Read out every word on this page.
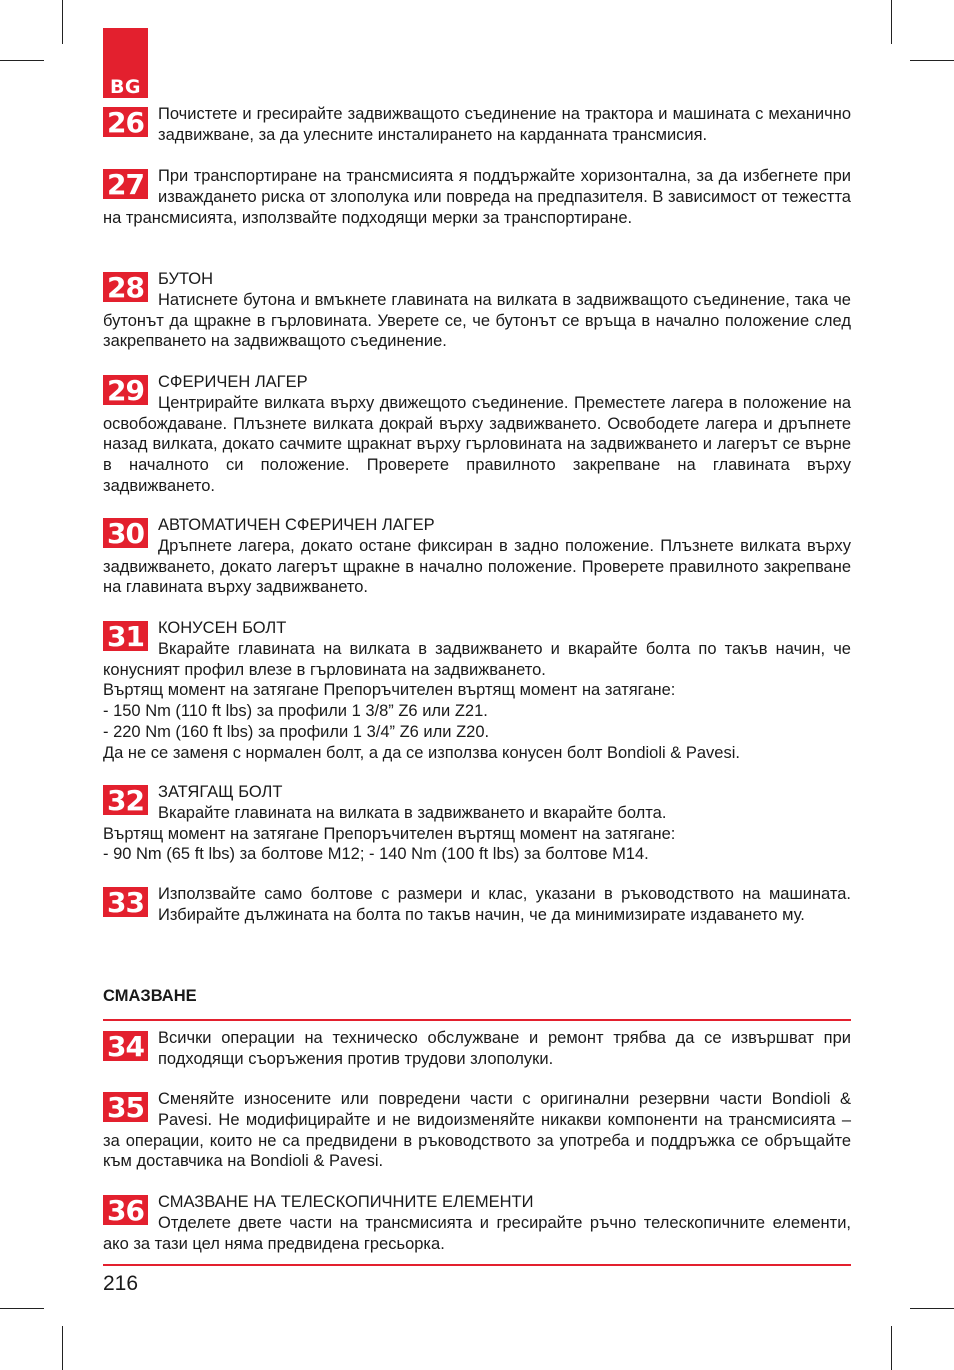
BG
26 Почистете и гресирайте задвижващото съединение на трактора и машината с механично задвижване, за да улесните инсталирането на карданната трансмисия.

27 При транспортиране на трансмисията я поддържайте хоризонтална, за да избегнете при изваждането риска от злополука или повреда на предпазителя. В зависимост от тежестта на трансмисията, използвайте подходящи мерки за транспортиране.

28 БУТОН

Натиснете бутона и вмъкнете главината на вилката в задвижващото съединение, така че бутонът да щракне в гърловината. Уверете се, че бутонът се връща в начално положение след закрепването на задвижващото съединение.

29 СФЕРИЧЕН ЛАГЕР

Центрирайте вилката върху движещото съединение. Преместете лагера в положение на освобождаване. Плъзнете вилката докрай върху задвижването. Освободете лагера и дръпнете назад вилката, докато сачмите щракнат върху гърловината на задвижването и лагерът се върне в началното си положение. Проверете правилното закрепване на главината върху задвижването.

30 АВТОМАТИЧЕН СФЕРИЧЕН ЛАГЕР

Дръпнете лагера, докато остане фиксиран в задно положение. Плъзнете вилката върху задвижването, докато лагерът щракне в начално положение. Проверете правилното закрепване на главината върху задвижването.

31 КОНУСЕН БОЛТ

Вкарайте главината на вилката в задвижването и вкарайте болта по такъв начин, че конусният профил влезе в гърловината на задвижването.

Въртящ момент на затягане Препоръчителен въртящ момент на затягане:

- 150 Nm (110 ft lbs) за профили 1 3/8” Z6 или Z21.

- 220 Nm (160 ft lbs) за профили 1 3/4” Z6 или Z20.

Да не се заменя с нормален болт, а да се използва конусен болт Bondioli & Pavesi.

32 ЗАТЯГАЩ БОЛТ

Вкарайте главината на вилката в задвижването и вкарайте болта.

Въртящ момент на затягане Препоръчителен въртящ момент на затягане:

- 90 Nm (65 ft lbs) за болтове M12; - 140 Nm (100 ft lbs) за болтове M14.

33 Използвайте само болтове с размери и клас, указани в ръководството на машината. Избирайте дължината на болта по такъв начин, че да минимизирате издаването му.

СМАЗВАНЕ
34 Всички операции на техническо обслужване и ремонт трябва да се извършват при подходящи съоръжения против трудови злополуки.

35 Сменяйте износените или повредени части с оригинални резервни части Bondioli & Pavesi. Не модифицирайте и не видоизменяйте никакви компоненти на трансмисията – за операции, които не са предвидени в ръководството за употреба и поддръжка се обръщайте към доставчика на Bondioli & Pavesi.

36 СМАЗВАНЕ НА ТЕЛЕСКОПИЧНИТЕ ЕЛЕМЕНТИ

Отделете двете части на трансмисията и гресирайте ръчно телескопичните елементи, ако за тази цел няма предвидена гресьорка.

216
